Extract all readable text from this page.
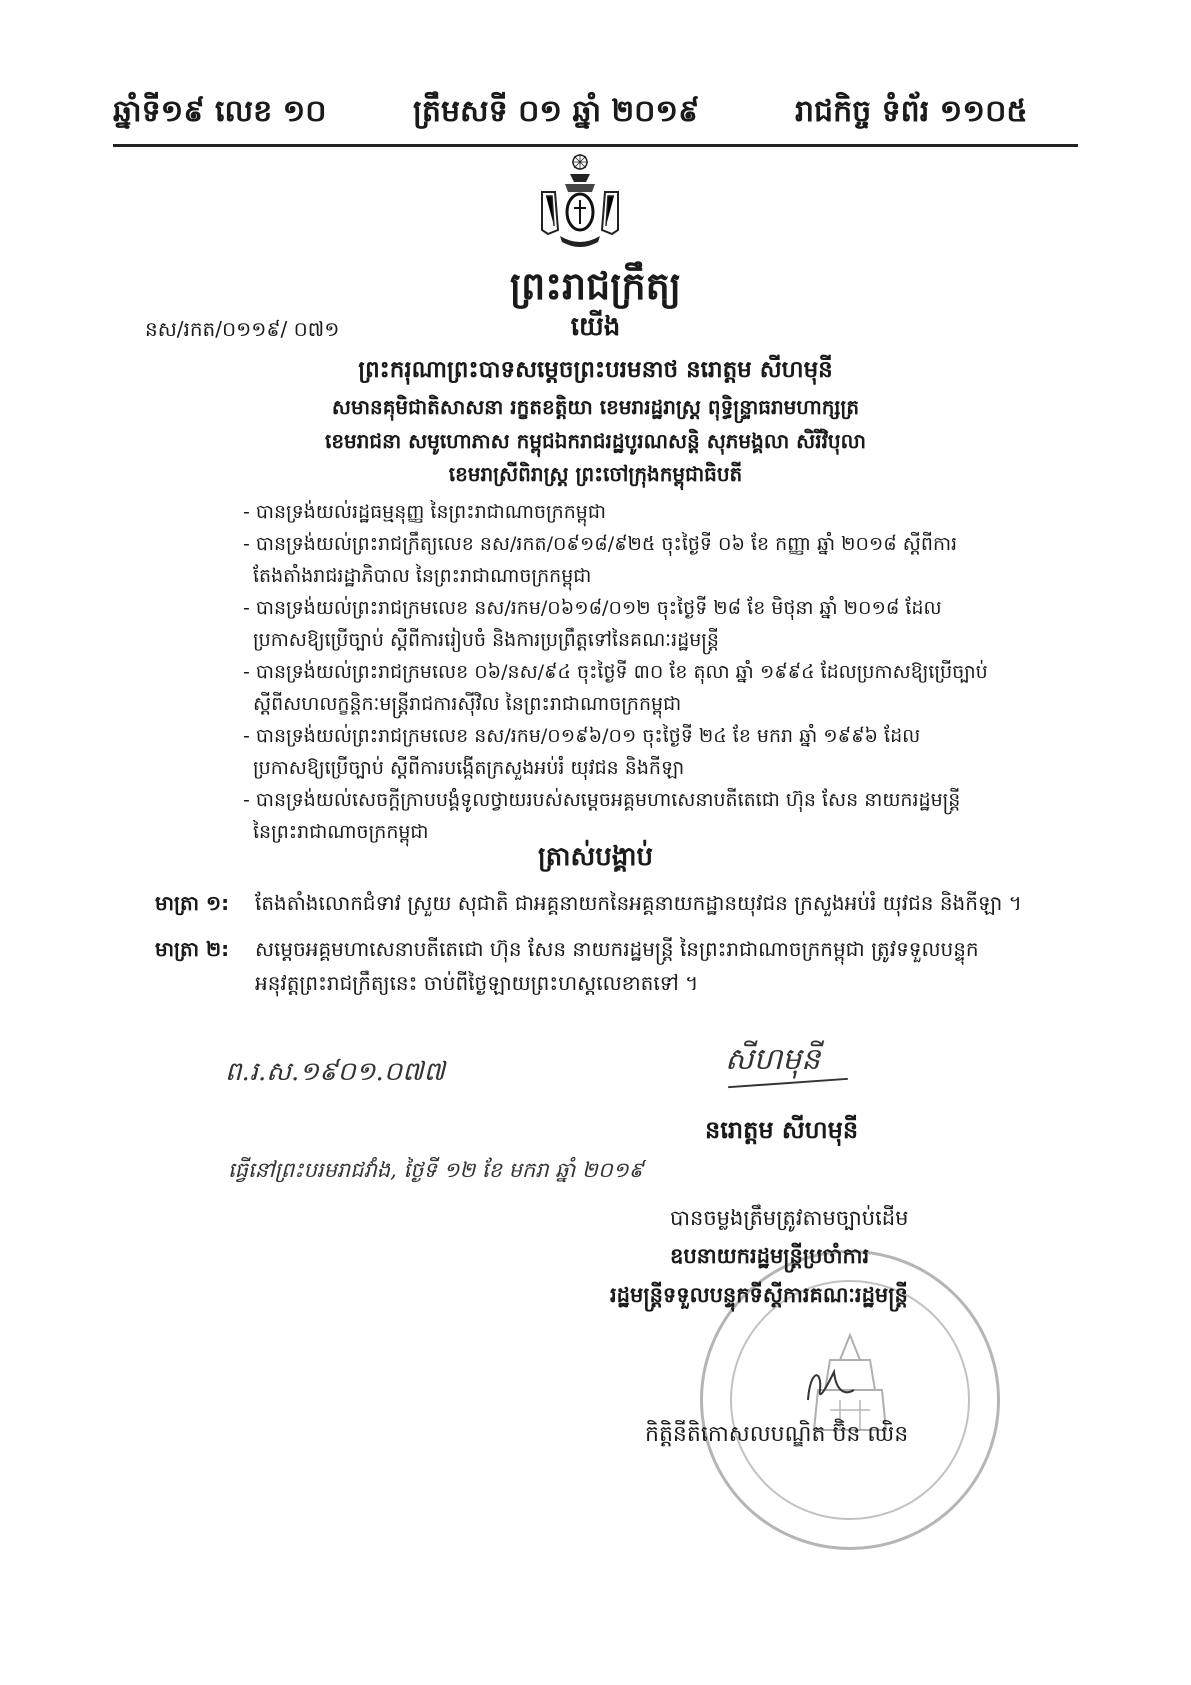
ឆ្នាំទី១៩ លេខ ១០	ត្រឹមសទី ០១ ឆ្នាំ ២០១៩	រាជកិច្ច ទំព័រ ១១០៥
ព្រះរាជក្រឹត្យ
នស/រកត/០១១៩/ ០៧១	យើង
ព្រះករុណាព្រះបាទសម្តេចព្រះបរមនាថ នរោត្តម សីហមុនី
សមានគុមិជាតិសាសនា រក្ខតខត្តិយា ខេមរារដ្ឋរាស្ត្រ ពុទ្ធិន្ទ្រាធរាមហាក្សត្រ
ខេមរាជនា សមូហោភាស កម្ពុជឯករាជរដ្ឋបូរណសន្តិ សុភមង្គលា សិរីវិបុលា
ខេមរាស្រីពិរាស្ត្រ ព្រះចៅក្រុងកម្ពុជាធិបតី
- បានទ្រង់យល់រដ្ឋធម្មនុញ្ញ នៃព្រះរាជាណាចក្រកម្ពុជា
- បានទ្រង់យល់ព្រះរាជក្រឹត្យលេខ នស/រកត/០៩១៨/៩២៥ ចុះថ្ងៃទី ០៦ ខែ កញ្ញា ឆ្នាំ ២០១៨ ស្តីពីការ
តែងតាំងរាជរដ្ឋាភិបាល នៃព្រះរាជាណាចក្រកម្ពុជា
- បានទ្រង់យល់ព្រះរាជក្រមលេខ នស/រកម/០៦១៨/០១២ ចុះថ្ងៃទី ២៨ ខែ មិថុនា ឆ្នាំ ២០១៨ ដែល
ប្រកាសឱ្យប្រើច្បាប់ ស្តីពីការរៀបចំ និងការប្រព្រឹត្តទៅនៃគណៈរដ្ឋមន្ត្រី
- បានទ្រង់យល់ព្រះរាជក្រមលេខ ០៦/នស/៩៤ ចុះថ្ងៃទី ៣០ ខែ តុលា ឆ្នាំ ១៩៩៤ ដែលប្រកាសឱ្យប្រើច្បាប់
ស្តីពីសហលក្ខន្តិកៈមន្ត្រីរាជការស៊ីវិល នៃព្រះរាជាណាចក្រកម្ពុជា
- បានទ្រង់យល់ព្រះរាជក្រមលេខ នស/រកម/០១៩៦/០១ ចុះថ្ងៃទី ២៤ ខែ មករា ឆ្នាំ ១៩៩៦ ដែល
ប្រកាសឱ្យប្រើច្បាប់ ស្តីពីការបង្កើតក្រសួងអប់រំ យុវជន និងកីឡា
- បានទ្រង់យល់សេចក្តីក្រាបបង្គំទូលថ្វាយរបស់សម្តេចអគ្គមហាសេនាបតីតេជោ ហ៊ុន សែន នាយករដ្ឋមន្ត្រី
នៃព្រះរាជាណាចក្រកម្ពុជា
ត្រាស់បង្គាប់
មាត្រា ១: តែងតាំងលោកជំទាវ ស្រួយ សុជាតិ ជាអគ្គនាយកនៃអគ្គនាយកដ្ឋានយុវជន ក្រសួងអប់រំ យុវជន និងកីឡា ។
មាត្រា ២: សម្តេចអគ្គមហាសេនាបតីតេជោ ហ៊ុន សែន នាយករដ្ឋមន្ត្រី នៃព្រះរាជាណាចក្រកម្ពុជា ត្រូវទទួលបន្ទុក
អនុវត្តព្រះរាជក្រឹត្យនេះ ចាប់ពីថ្ងៃឡាយព្រះហស្តលេខាតទៅ ។
ព.រ.ស.១៩០១.០៧៧	សីហមុនី
នរោត្តម សីហមុនី
ធ្វើនៅព្រះបរមរាជវាំង, ថ្ងៃទី ១២ ខែ មករា ឆ្នាំ ២០១៩
បានចម្លងត្រឹមត្រូវតាមច្បាប់ដើម
ឧបនាយករដ្ឋមន្ត្រីប្រចាំការ
រដ្ឋមន្ត្រីទទួលបន្ទុកទីស្តីការគណៈរដ្ឋមន្ត្រី
កិត្តិនីតិកោសលបណ្ឌិត ប៊ិន ឈិន
